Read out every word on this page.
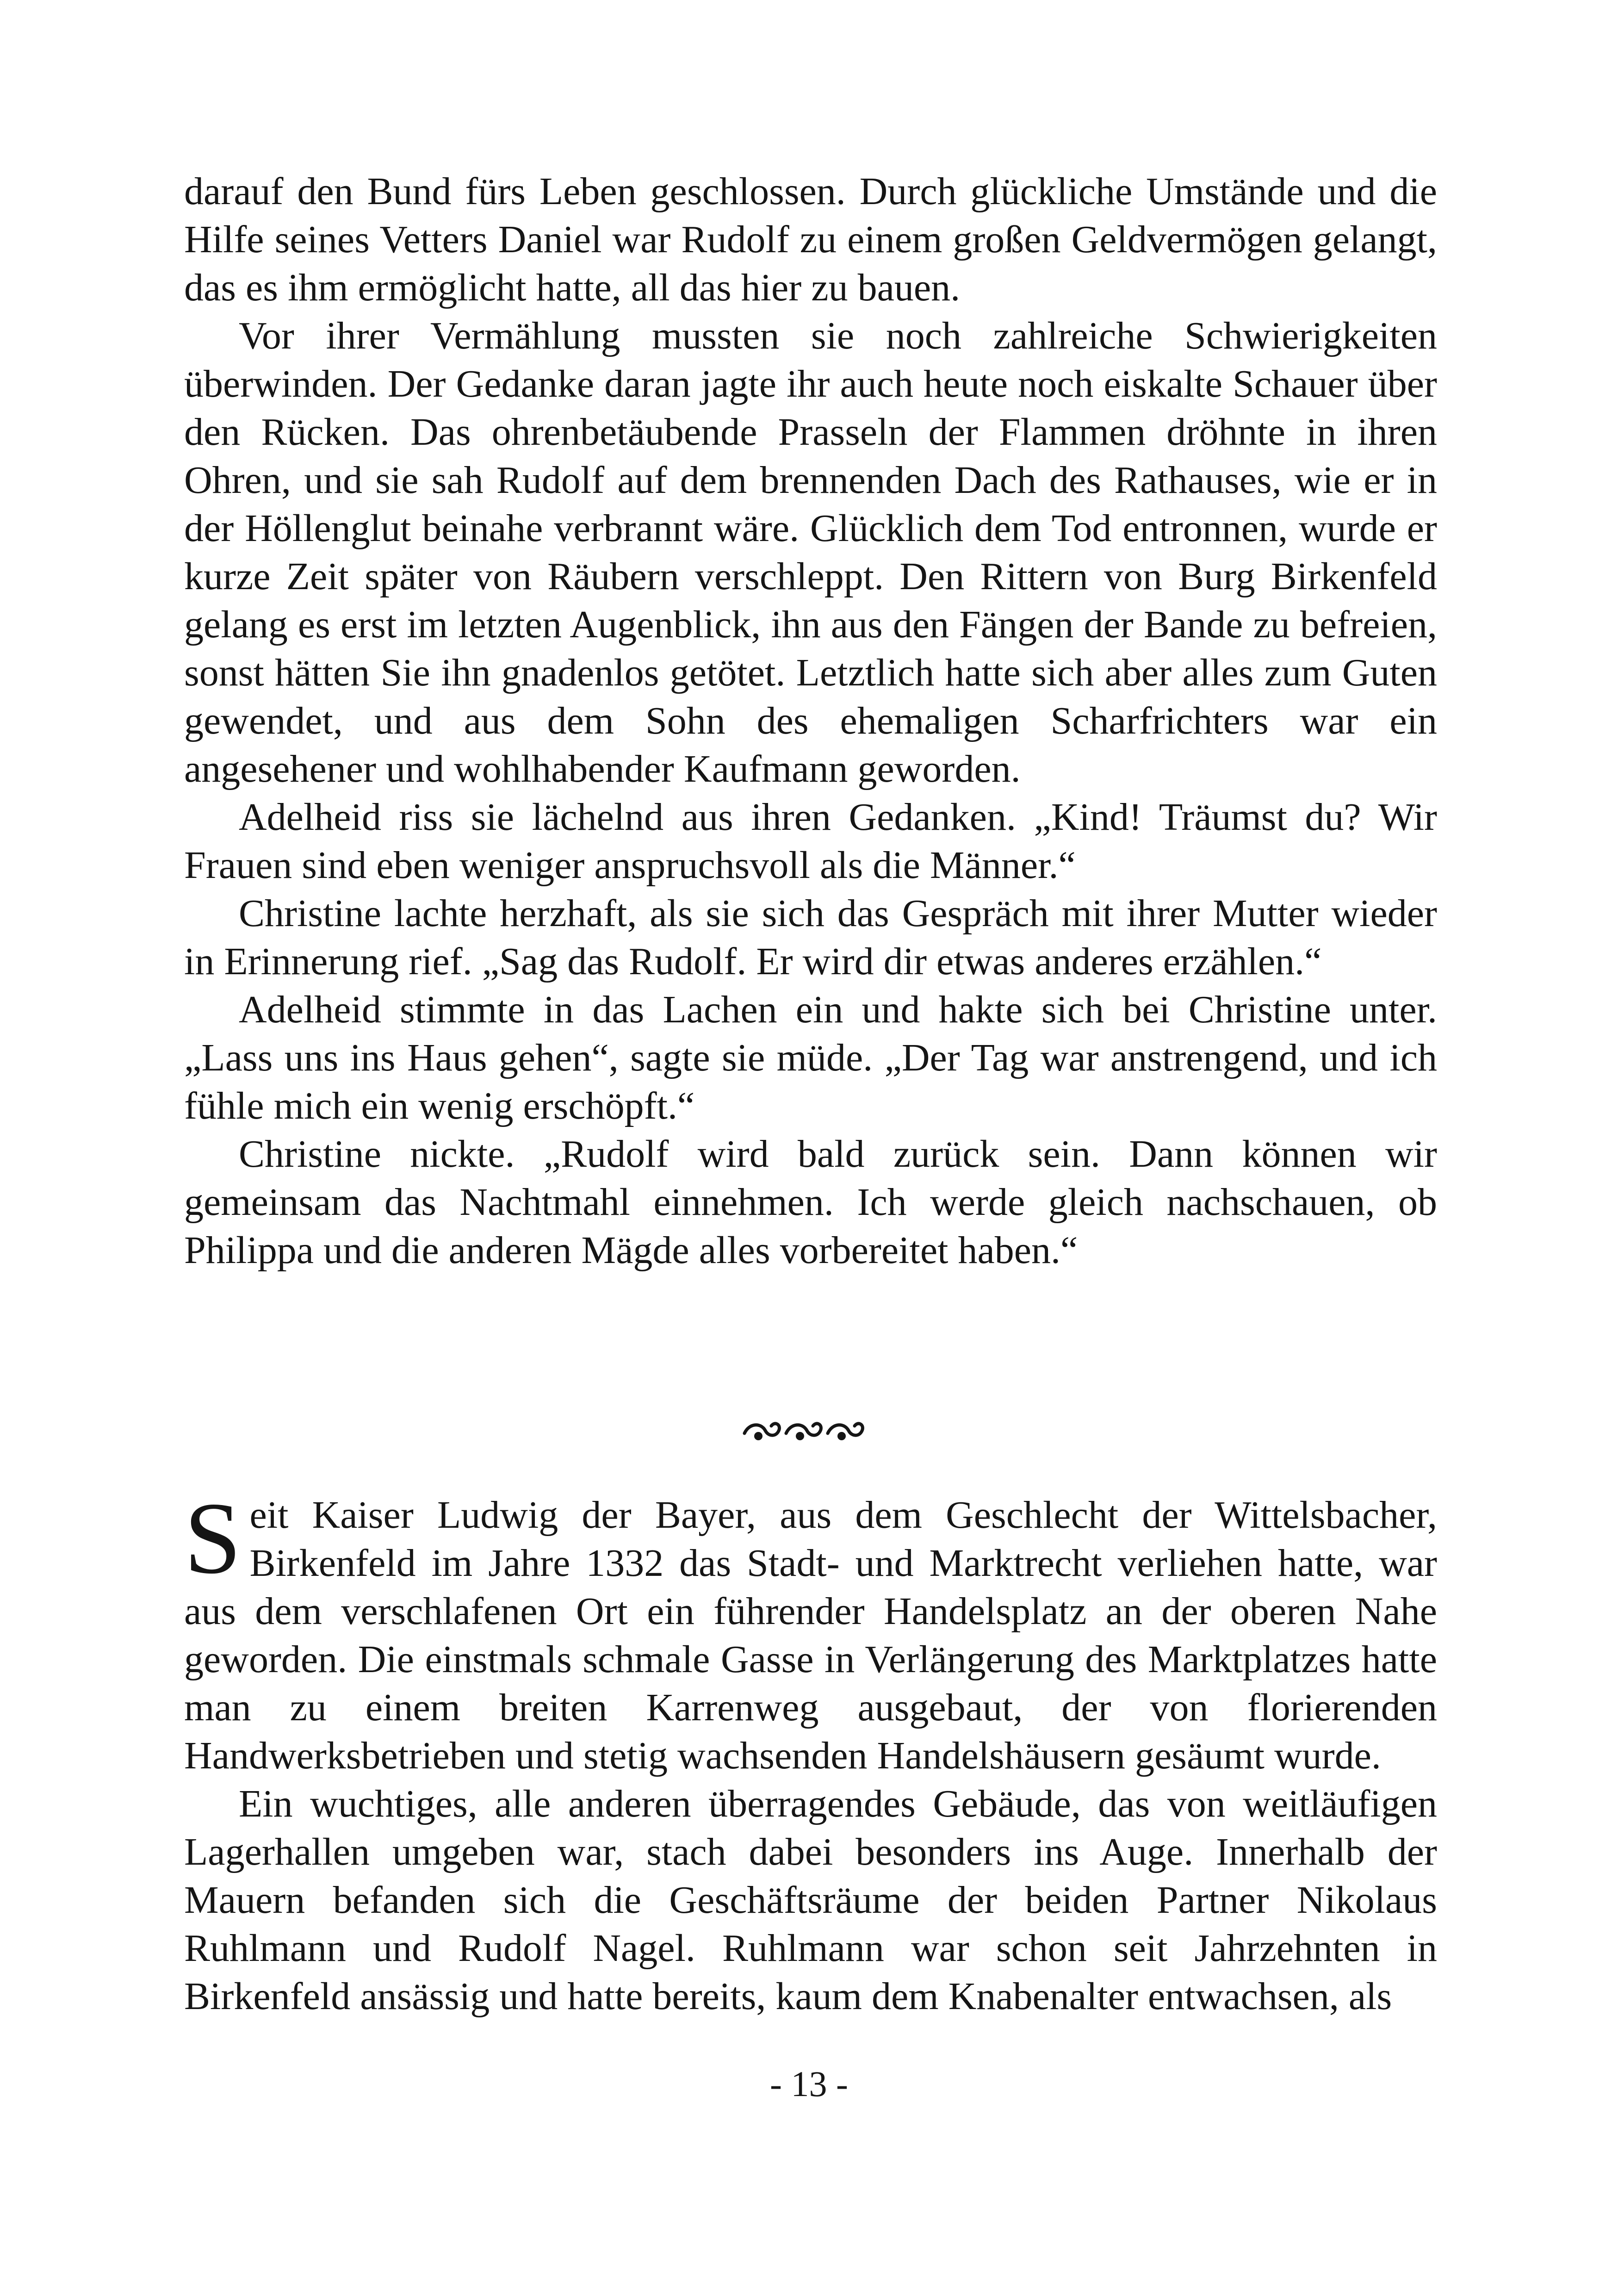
darauf den Bund fürs Leben geschlossen. Durch glückliche Umstände und die Hilfe seines Vetters Daniel war Rudolf zu einem großen Geldvermögen gelangt, das es ihm ermöglicht hatte, all das hier zu bauen.

Vor ihrer Vermählung mussten sie noch zahlreiche Schwierigkeiten überwinden. Der Gedanke daran jagte ihr auch heute noch eiskalte Schauer über den Rücken. Das ohrenbetäubende Prasseln der Flammen dröhnte in ihren Ohren, und sie sah Rudolf auf dem brennenden Dach des Rathauses, wie er in der Höllenglut beinahe verbrannt wäre. Glücklich dem Tod entronnen, wurde er kurze Zeit später von Räubern verschleppt. Den Rittern von Burg Birkenfeld gelang es erst im letzten Augenblick, ihn aus den Fängen der Bande zu befreien, sonst hätten Sie ihn gnadenlos getötet. Letztlich hatte sich aber alles zum Guten gewendet, und aus dem Sohn des ehemaligen Scharfrichters war ein angesehener und wohlhabender Kaufmann geworden.

Adelheid riss sie lächelnd aus ihren Gedanken. „Kind! Träumst du? Wir Frauen sind eben weniger anspruchsvoll als die Männer.“

Christine lachte herzhaft, als sie sich das Gespräch mit ihrer Mutter wieder in Erinnerung rief. „Sag das Rudolf. Er wird dir etwas anderes erzählen.“

Adelheid stimmte in das Lachen ein und hakte sich bei Christine unter. „Lass uns ins Haus gehen“, sagte sie müde. „Der Tag war anstrengend, und ich fühle mich ein wenig erschöpft.“

Christine nickte. „Rudolf wird bald zurück sein. Dann können wir gemeinsam das Nachtmahl einnehmen. Ich werde gleich nachschauen, ob Philippa und die anderen Mägde alles vorbereitet haben.“

Seit Kaiser Ludwig der Bayer, aus dem Geschlecht der Wittelsbacher, Birkenfeld im Jahre 1332 das Stadt- und Marktrecht verliehen hatte, war aus dem verschlafenen Ort ein führender Handelsplatz an der oberen Nahe geworden. Die einstmals schmale Gasse in Verlängerung des Marktplatzes hatte man zu einem breiten Karrenweg ausgebaut, der von florierenden Handwerksbetrieben und stetig wachsenden Handelshäusern gesäumt wurde.

Ein wuchtiges, alle anderen überragendes Gebäude, das von weitläufigen Lagerhallen umgeben war, stach dabei besonders ins Auge. Innerhalb der Mauern befanden sich die Geschäftsräume der beiden Partner Nikolaus Ruhlmann und Rudolf Nagel. Ruhlmann war schon seit Jahrzehnten in Birkenfeld ansässig und hatte bereits, kaum dem Knabenalter entwachsen, als

- 13 -
